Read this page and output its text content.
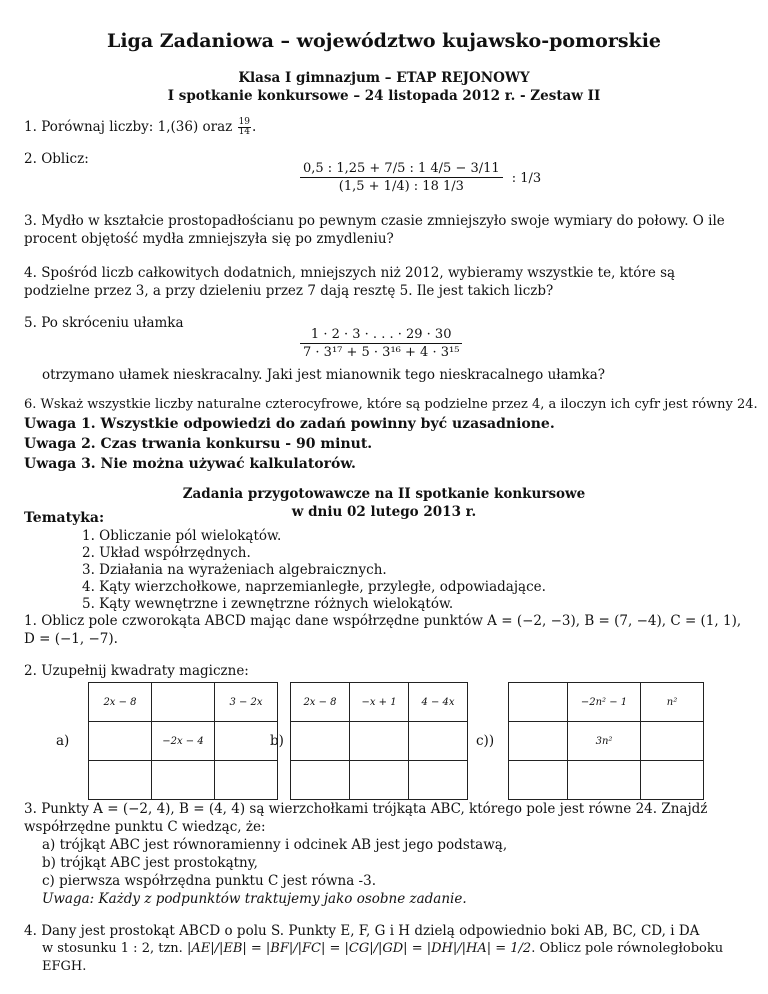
Liga Zadaniowa – województwo kujawsko-pomorskie
Klasa I gimnazjum – ETAP REJONOWY
I spotkanie konkursowe – 24 listopada 2012 r. - Zestaw II
1. Porównaj liczby: 1,(36) oraz $\frac{19}{14}$ .
2. Oblicz:
$\frac{0,5 : 1,25 + 7/5 : 1 4/5 - 3/11}{(1,5 + 1/4) : 18 1/3}$ : 1/3
3. Mydło w kształcie prostopadłościanu po pewnym czasie zmniejszyło swoje wymiary do połowy. O ile procent objętość mydła zmniejszyła się po zmydleniu?
4. Spośród liczb całkowitych dodatnich, mniejszych niż 2012, wybieramy wszystkie te, które są podzielne przez 3, a przy dzieleniu przez 7 dają resztę 5. Ile jest takich liczb?
5. Po skróceniu ułamka
$\frac{1 \cdot 2 \cdot 3 \cdot . . . \cdot 29 \cdot 30}{\text{7 · 3¹⁷ + 5 · 3¹⁶ + 4 · 3¹⁵}}$
otrzymano ułamek nieskracalny. Jaki jest mianownik tego nieskracalnego ułamka?
6. Wskaż wszystkie liczby naturalne czterocyfrowe, które są podzielne przez 4, a iloczyn ich cyfr jest równy 24.
Uwaga 1. Wszystkie odpowiedzi do zadań powinny być uzasadnione.
Uwaga 2. Czas trwania konkursu - 90 minut.
Uwaga 3. Nie można używać kalkulatorów.
Zadania przygotowawcze na II spotkanie konkursowe
w dniu 02 lutego 2013 r.
Tematyka:
1. Obliczanie pól wielokątów.
2. Układ współrzędnych.
3. Działania na wyrażeniach algebraicznych.
4. Kąty wierzchołkowe, naprzemianległe, przyległe, odpowiadające.
5. Kąty wewnętrzne i zewnętrzne różnych wielokątów.
1. Oblicz pole czworokąta ABCD mając dane współrzędne punktów A = (−2, −3), B = (7, −4), C = (1, 1), D = (−1, −7).
2. Uzupełnij kwadraty magiczne:
a)
2x − 8		3 − 2x
	−2x − 4	
			b)
2x − 8	−x + 1	4 − 4x

c))
	−2n² − 1	n²
	3n²	

3. Punkty A = (−2, 4), B = (4, 4) są wierzchołkami trójkąta ABC, którego pole jest równe 24. Znajdź współrzędne punktu C wiedząc, że:
a) trójkąt ABC jest równoramienny i odcinek AB jest jego podstawą,
b) trójkąt ABC jest prostokątny,
c) pierwsza współrzędna punktu C jest równa -3.
Uwaga: Każdy z podpunktów traktujemy jako osobne zadanie.
4. Dany jest prostokąt ABCD o polu S. Punkty E, F, G i H dzielą odpowiednio boki AB, BC, CD, i DA
w stosunku 1 : 2, tzn. |AE|/|EB| = |BF|/|FC| = |CG|/|GD| = |DH|/|HA| = 1/2. Oblicz pole równoległoboku EFGH.
